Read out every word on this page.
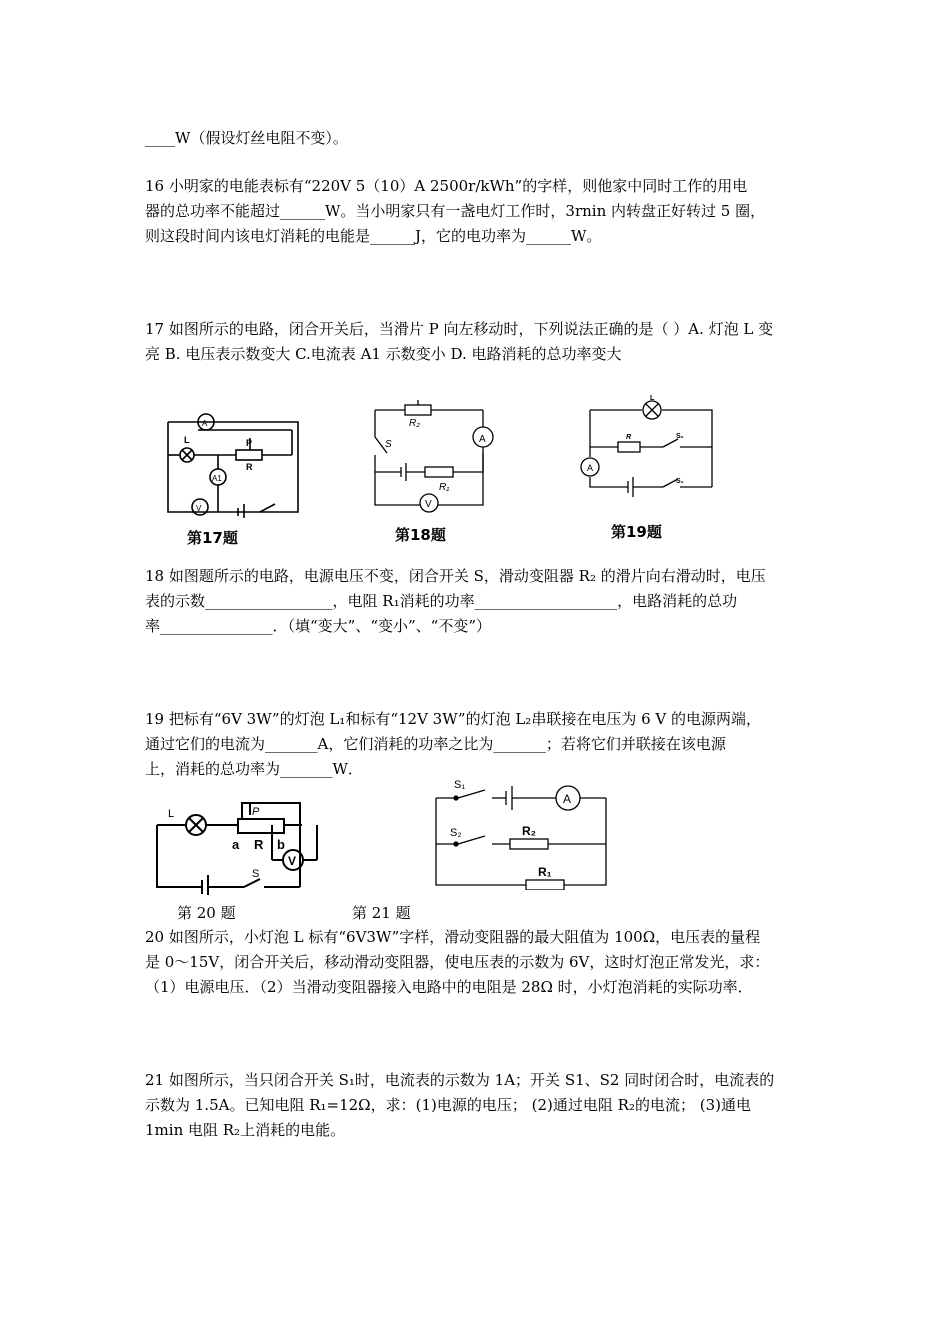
____W（假设灯丝电阻不变）。
16 小明家的电能表标有“220V 5（10）A 2500r/kWh”的字样，则他家中同时工作的用电
器的总功率不能超过______W。当小明家只有一盏电灯工作时，3rnin 内转盘正好转过 5 圈，
则这段时间内该电灯消耗的电能是______J，它的电功率为______W。
17 如图所示的电路，闭合开关后，当滑片 P 向左移动时，下列说法正确的是（ ）A. 灯泡 L 变
亮 B. 电压表示数变大 C.电流表 A1 示数变小 D. 电路消耗的总功率变大
A
A1
V
L	P
R
第17题
A
V
R₂
R₁
S
第18题
A
L
R	S₂
S₁
第19题
18 如图题所示的电路，电源电压不变，闭合开关 S，滑动变阻器 R₂ 的滑片向右滑动时，电压
表的示数_________________，电阻 R₁消耗的功率___________________，电路消耗的总功
率_______________．（填“变大”、“变小”、“不变”）
19 把标有“6V 3W”的灯泡 L₁和标有“12V 3W”的灯泡 L₂串联接在电压为 6 V 的电源两端，
通过它们的电流为_______A，它们消耗的功率之比为_______；若将它们并联接在该电源
上，消耗的总功率为_______W．
L	P
a R b
V
S
第 20 题
A
S₁
S₂	R₂
R₁
第 21 题
20 如图所示，小灯泡 L 标有“6V3W”字样，滑动变阻器的最大阻值为 100Ω，电压表的量程
是 0～15V，闭合开关后，移动滑动变阻器，使电压表的示数为 6V，这时灯泡正常发光，求：
（1）电源电压．（2）当滑动变阻器接入电路中的电阻是 28Ω 时，小灯泡消耗的实际功率．
21 如图所示，当只闭合开关 S₁时，电流表的示数为 1A；开关 S1、S2 同时闭合时，电流表的
示数为 1.5A。已知电阻 R₁=12Ω，求：(1)电源的电压； (2)通过电阻 R₂的电流； (3)通电
1min 电阻 R₂上消耗的电能。
